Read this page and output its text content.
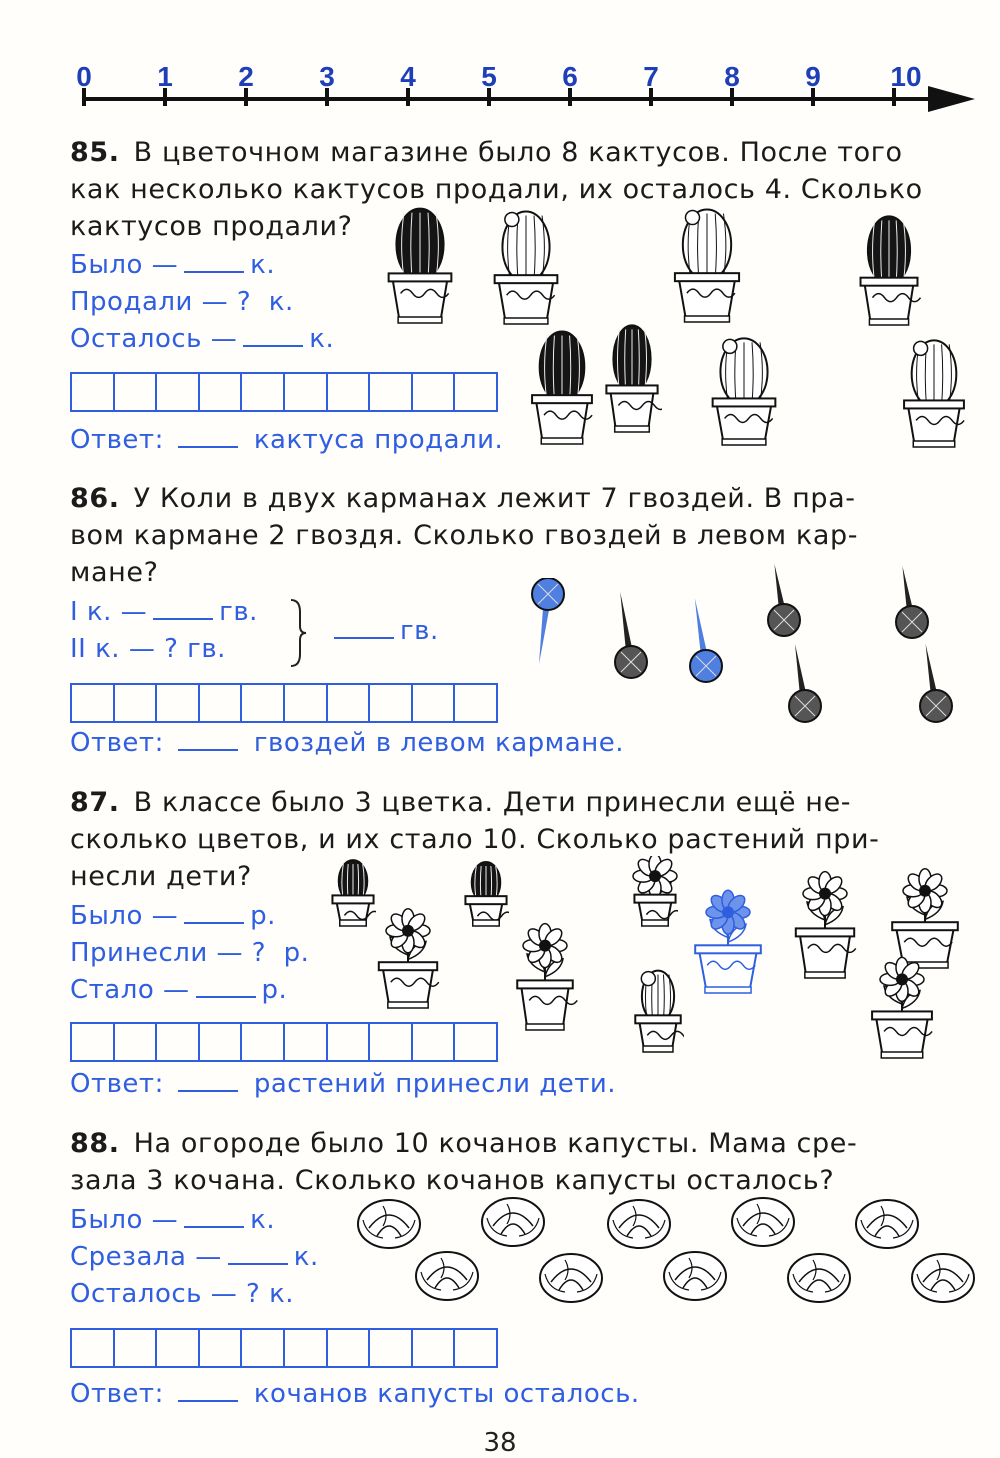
0 1 2 3 4 5 6 7 8 9 10

85. В цветочном магазине было 8 кактусов. После того
как несколько кактусов продали, их осталось 4. Сколько
кактусов продали?

Было —	к.
Продали — ? к.
Осталось —	к.
Ответ:	кактуса продали.

86. У Коли в двух карманах лежит 7 гвоздей. В пра-
вом кармане 2 гвоздя. Сколько гвоздей в левом кар-
мане?

I к. —	гв.
II к. — ? гв.
гв.
Ответ:	гвоздей в левом кармане.

87. В классе было 3 цветка. Дети принесли ещё не-
сколько цветов, и их стало 10. Сколько растений при-
несли дети?

Было —	р.
Принесли — ? р.
Стало —	р.
Ответ:	растений принесли дети.

88. На огороде было 10 кочанов капусты. Мама сре-
зала 3 кочана. Сколько кочанов капусты осталось?

Было —	к.
Срезала —	к.
Осталось — ? к.
Ответ:	кочанов капусты осталось.
38
